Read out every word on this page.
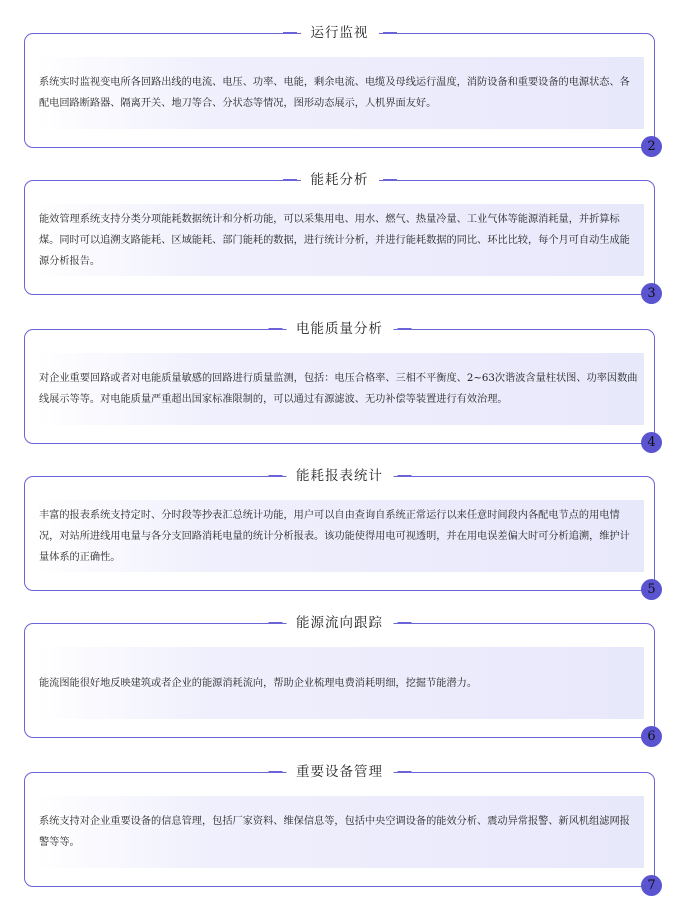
运行监视
系统实时监视变电所各回路出线的电流、电压、功率、电能，剩余电流、电缆及母线运行温度，消防设备和重要设备的电源状态、各配电回路断路器、隔离开关、地刀等合、分状态等情况，图形动态展示，人机界面友好。
2
能耗分析
能效管理系统支持分类分项能耗数据统计和分析功能，可以采集用电、用水、燃气、热量冷量、工业气体等能源消耗量，并折算标煤。同时可以追溯支路能耗、区域能耗、部门能耗的数据，进行统计分析，并进行能耗数据的同比、环比比较，每个月可自动生成能源分析报告。
3
电能质量分析
对企业重要回路或者对电能质量敏感的回路进行质量监测，包括：电压合格率、三相不平衡度、2~63次谐波含量柱状图、功率因数曲线展示等等。对电能质量严重超出国家标准限制的，可以通过有源滤波、无功补偿等装置进行有效治理。
4
能耗报表统计
丰富的报表系统支持定时、分时段等抄表汇总统计功能，用户可以自由查询自系统正常运行以来任意时间段内各配电节点的用电情况，对站所进线用电量与各分支回路消耗电量的统计分析报表。该功能使得用电可视透明，并在用电误差偏大时可分析追溯，维护计量体系的正确性。
5
能源流向跟踪
能流图能很好地反映建筑或者企业的能源消耗流向，帮助企业梳理电费消耗明细，挖掘节能潜力。
6
重要设备管理
系统支持对企业重要设备的信息管理，包括厂家资料、维保信息等，包括中央空调设备的能效分析、震动异常报警、新风机组滤网报警等等。
7
